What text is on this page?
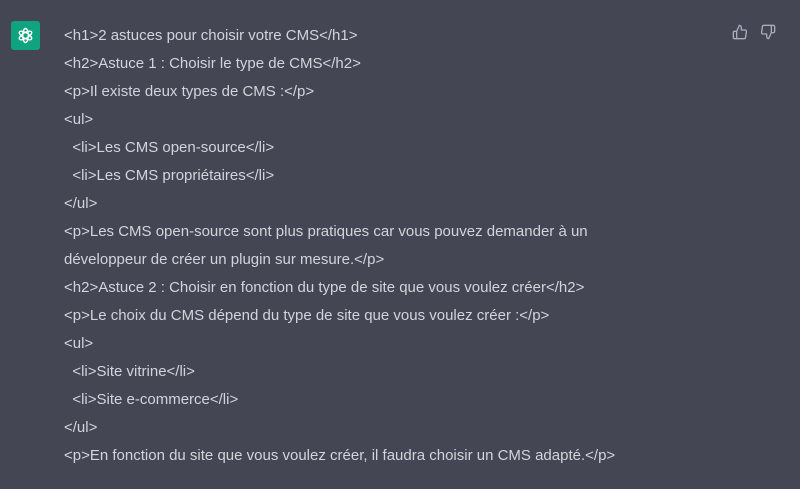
<h1>2 astuces pour choisir votre CMS</h1>
<h2>Astuce 1 : Choisir le type de CMS</h2>
<p>Il existe deux types de CMS :</p>
<ul>
<li>Les CMS open-source</li>
<li>Les CMS propriétaires</li>
</ul>
<p>Les CMS open-source sont plus pratiques car vous pouvez demander à un
développeur de créer un plugin sur mesure.</p>
<h2>Astuce 2 : Choisir en fonction du type de site que vous voulez créer</h2>
<p>Le choix du CMS dépend du type de site que vous voulez créer :</p>
<ul>
<li>Site vitrine</li>
<li>Site e-commerce</li>
</ul>
<p>En fonction du site que vous voulez créer, il faudra choisir un CMS adapté.</p>
